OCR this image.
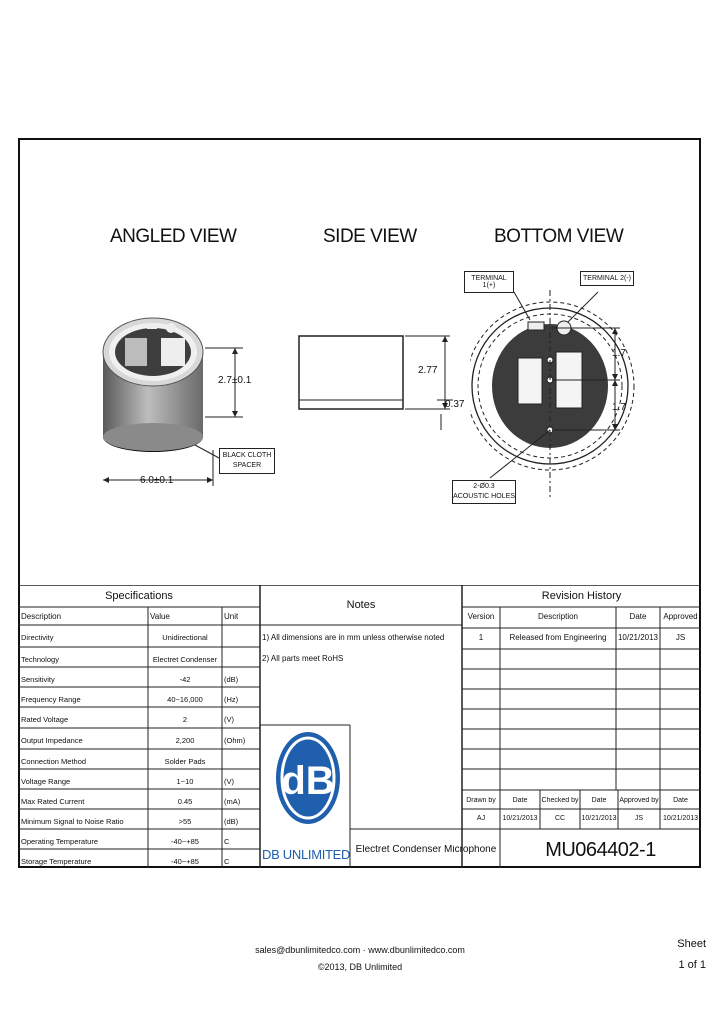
ANGLED VIEW	SIDE VIEW	BOTTOM VIEW
2.7±0.1
6.0±0.1
BLACK CLOTH
SPACER
2.77
0.37
TERMINAL 1(+)
TERMINAL 2(-)
1.7
1.7
2-Ø0.3
ACOUSTIC HOLES
Specifications
Description	Value	Unit
Directivity	Unidirectional
Technology	Electret Condenser
Sensitivity	-42	(dB)
Frequency Range	40~16,000	(Hz)
Rated Voltage	2	(V)
Output Impedance	2,200	(Ohm)
Connection Method	Solder Pads
Voltage Range	1~10	(V)
Max Rated Current	0.45	(mA)
Minimum Signal to Noise Ratio	>55	(dB)
Operating Temperature	-40~+85	C
Storage Temperature	-40~+85	C
Notes
1) All dimensions are in mm unless otherwise noted
2) All parts meet RoHS
dB
DB UNLIMITED
Revision History
Version	Description	Date	Approved
1	Released from Engineering	10/21/2013	JS
Drawn by	Date	Checked by	Date	Approved by	Date
AJ	10/21/2013	CC	10/21/2013	JS	10/21/2013
Electret Condenser Microphone	MU064402-1
sales@dbunlimitedco.com · www.dbunlimitedco.com
©2013, DB Unlimited
Sheet
1 of 1
